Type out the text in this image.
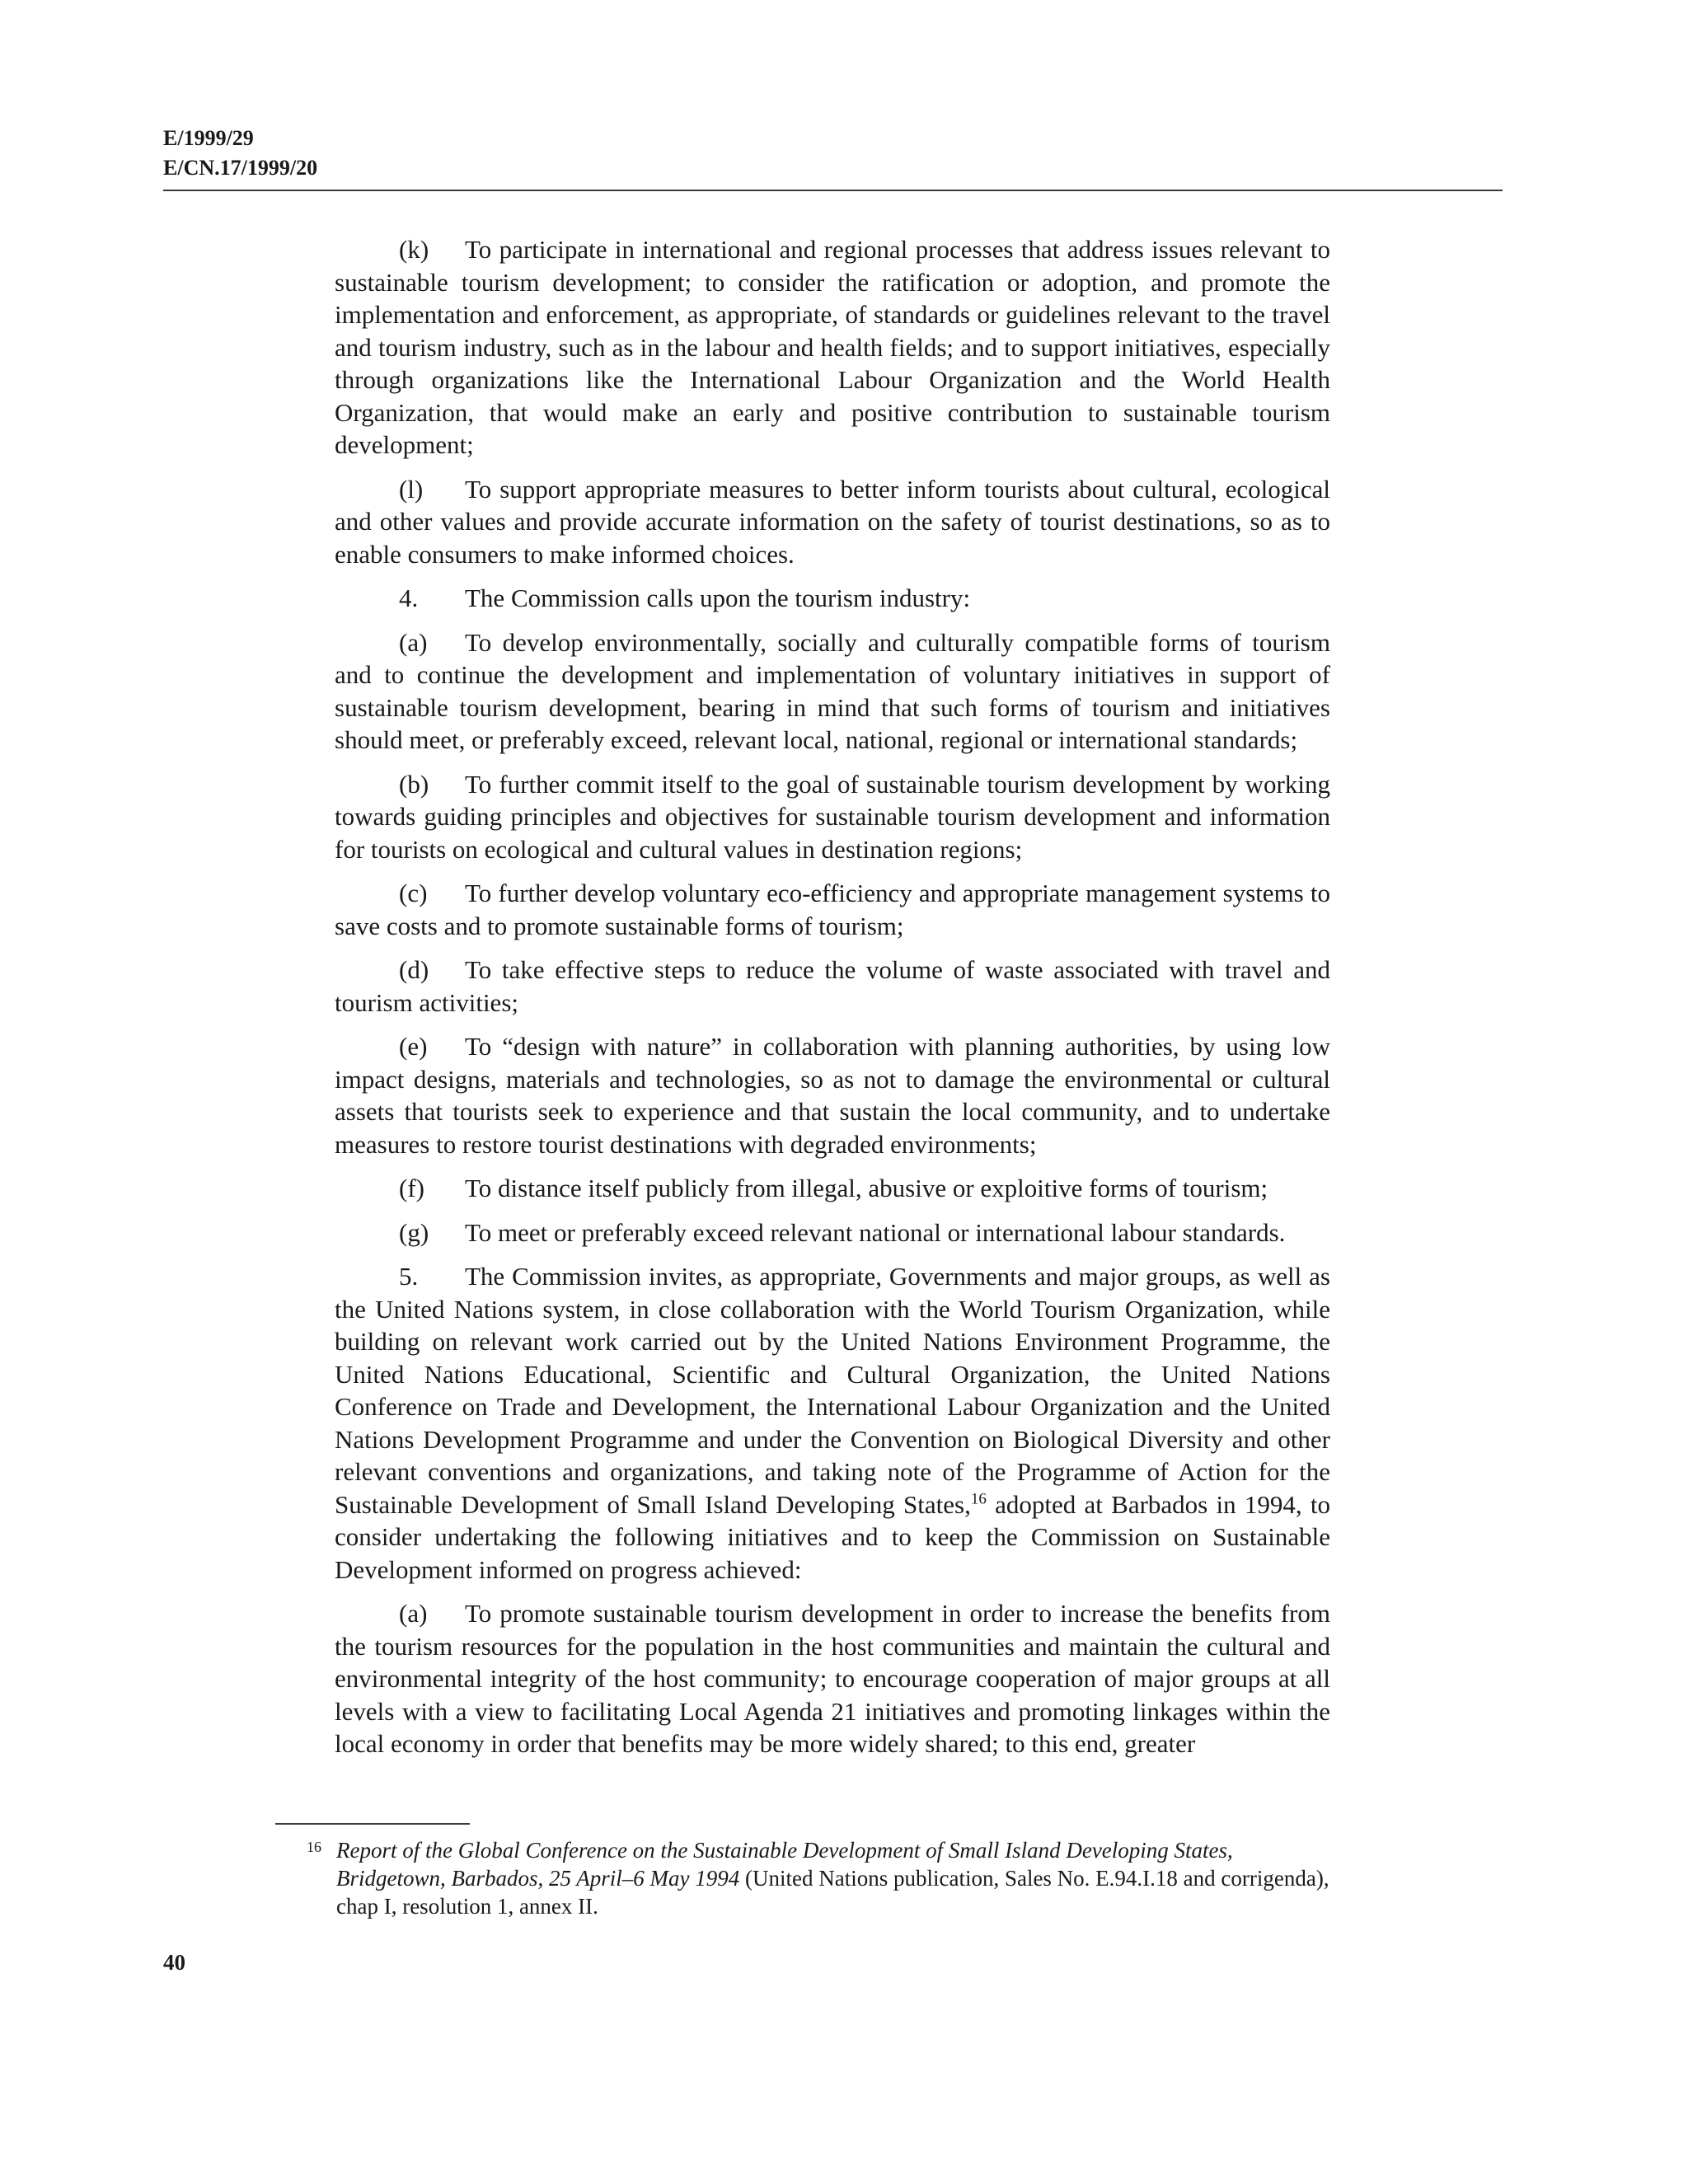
E/1999/29
E/CN.17/1999/20

(k) To participate in international and regional processes that address issues relevant to sustainable tourism development; to consider the ratification or adoption, and promote the implementation and enforcement, as appropriate, of standards or guidelines relevant to the travel and tourism industry, such as in the labour and health fields; and to support initiatives, especially through organizations like the International Labour Organization and the World Health Organization, that would make an early and positive contribution to sustainable tourism development;

(l) To support appropriate measures to better inform tourists about cultural, ecological and other values and provide accurate information on the safety of tourist destinations, so as to enable consumers to make informed choices.

4. The Commission calls upon the tourism industry:

(a) To develop environmentally, socially and culturally compatible forms of tourism and to continue the development and implementation of voluntary initiatives in support of sustainable tourism development, bearing in mind that such forms of tourism and initiatives should meet, or preferably exceed, relevant local, national, regional or international standards;

(b) To further commit itself to the goal of sustainable tourism development by working towards guiding principles and objectives for sustainable tourism development and information for tourists on ecological and cultural values in destination regions;

(c) To further develop voluntary eco-efficiency and appropriate management systems to save costs and to promote sustainable forms of tourism;

(d) To take effective steps to reduce the volume of waste associated with travel and tourism activities;

(e) To “design with nature” in collaboration with planning authorities, by using low impact designs, materials and technologies, so as not to damage the environmental or cultural assets that tourists seek to experience and that sustain the local community, and to undertake measures to restore tourist destinations with degraded environments;

(f) To distance itself publicly from illegal, abusive or exploitive forms of tourism;

(g) To meet or preferably exceed relevant national or international labour standards.

5. The Commission invites, as appropriate, Governments and major groups, as well as the United Nations system, in close collaboration with the World Tourism Organization, while building on relevant work carried out by the United Nations Environment Programme, the United Nations Educational, Scientific and Cultural Organization, the United Nations Conference on Trade and Development, the International Labour Organization and the United Nations Development Programme and under the Convention on Biological Diversity and other relevant conventions and organizations, and taking note of the Programme of Action for the Sustainable Development of Small Island Developing States,$^{16}$ adopted at Barbados in 1994, to consider undertaking the following initiatives and to keep the Commission on Sustainable Development informed on progress achieved:

(a) To promote sustainable tourism development in order to increase the benefits from the tourism resources for the population in the host communities and maintain the cultural and environmental integrity of the host community; to encourage cooperation of major groups at all levels with a view to facilitating Local Agenda 21 initiatives and promoting linkages within the local economy in order that benefits may be more widely shared; to this end, greater

16 Report of the Global Conference on the Sustainable Development of Small Island Developing States, Bridgetown, Barbados, 25 April–6 May 1994 (United Nations publication, Sales No. E.94.I.18 and corrigenda), chap I, resolution 1, annex II.
40
